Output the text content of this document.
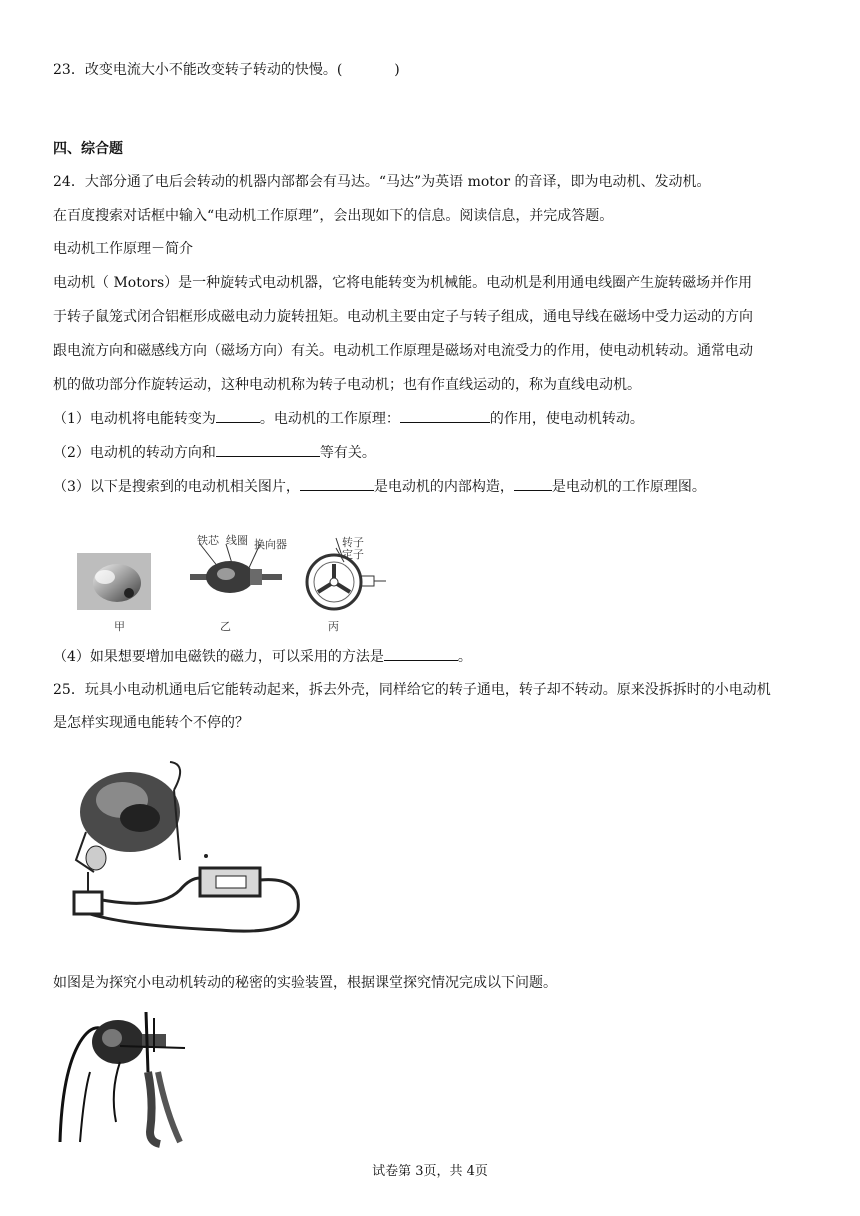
23．改变电流大小不能改变转子转动的快慢。(	)
四、综合题
24．大部分通了电后会转动的机器内部都会有马达。“马达”为英语 motor 的音译，即为电动机、发动机。
在百度搜索对话框中输入“电动机工作原理”，会出现如下的信息。阅读信息，并完成答题。
电动机工作原理－简介
电动机（ Motors）是一种旋转式电动机器，它将电能转变为机械能。电动机是利用通电线圈产生旋转磁场并作用
于转子鼠笼式闭合铝框形成磁电动力旋转扭矩。电动机主要由定子与转子组成，通电导线在磁场中受力运动的方向
跟电流方向和磁感线方向（磁场方向）有关。电动机工作原理是磁场对电流受力的作用，使电动机转动。通常电动
机的做功部分作旋转运动，这种电动机称为转子电动机；也有作直线运动的，称为直线电动机。
（1）电动机将电能转变为	。电动机的工作原理：	的作用，使电动机转动。
（2）电动机的转动方向和	等有关。
（3）以下是搜索到的电动机相关图片，	是电动机的内部构造，	是电动机的工作原理图。
甲
铁芯 线圈 换向器
乙
转子
定子
丙
（4）如果想要增加电磁铁的磁力，可以采用的方法是	。
25．玩具小电动机通电后它能转动起来，拆去外壳，同样给它的转子通电，转子却不转动。原来没拆拆时的小电动机
是怎样实现通电能转个不停的？
如图是为探究小电动机转动的秘密的实验装置，根据课堂探究情况完成以下问题。
试卷第 3页，共 4页
